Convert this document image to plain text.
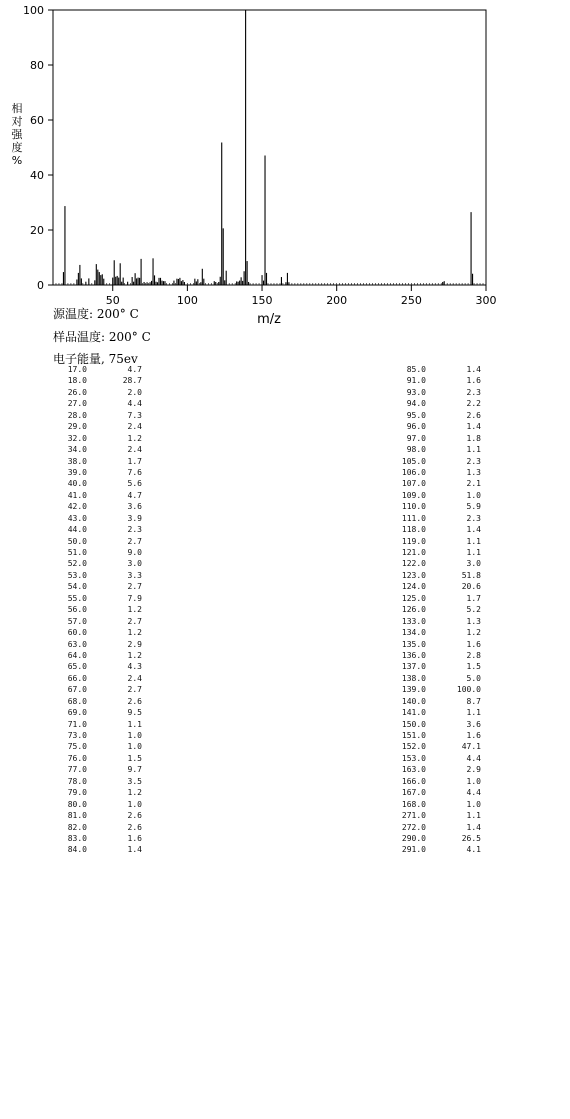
50	100	150	200	250	300
0
20
40
60
80
100
相对强度%
m/z
源温度: 200° C
样品温度: 200° C
电子能量, 75ev
17.0	4.7
18.0	28.7
26.0	2.0
27.0	4.4
28.0	7.3
29.0	2.4
32.0	1.2
34.0	2.4
38.0	1.7
39.0	7.6
40.0	5.6
41.0	4.7
42.0	3.6
43.0	3.9
44.0	2.3
50.0	2.7
51.0	9.0
52.0	3.0
53.0	3.3
54.0	2.7
55.0	7.9
56.0	1.2
57.0	2.7
60.0	1.2
63.0	2.9
64.0	1.2
65.0	4.3
66.0	2.4
67.0	2.7
68.0	2.6
69.0	9.5
71.0	1.1
73.0	1.0
75.0	1.0
76.0	1.5
77.0	9.7
78.0	3.5
79.0	1.2
80.0	1.0
81.0	2.6
82.0	2.6
83.0	1.6
84.0	1.4
85.0	1.4
91.0	1.6
93.0	2.3
94.0	2.2
95.0	2.6
96.0	1.4
97.0	1.8
98.0	1.1
105.0	2.3
106.0	1.3
107.0	2.1
109.0	1.0
110.0	5.9
111.0	2.3
118.0	1.4
119.0	1.1
121.0	1.1
122.0	3.0
123.0	51.8
124.0	20.6
125.0	1.7
126.0	5.2
133.0	1.3
134.0	1.2
135.0	1.6
136.0	2.8
137.0	1.5
138.0	5.0
139.0	100.0
140.0	8.7
141.0	1.1
150.0	3.6
151.0	1.6
152.0	47.1
153.0	4.4
163.0	2.9
166.0	1.0
167.0	4.4
168.0	1.0
271.0	1.1
272.0	1.4
290.0	26.5
291.0	4.1
